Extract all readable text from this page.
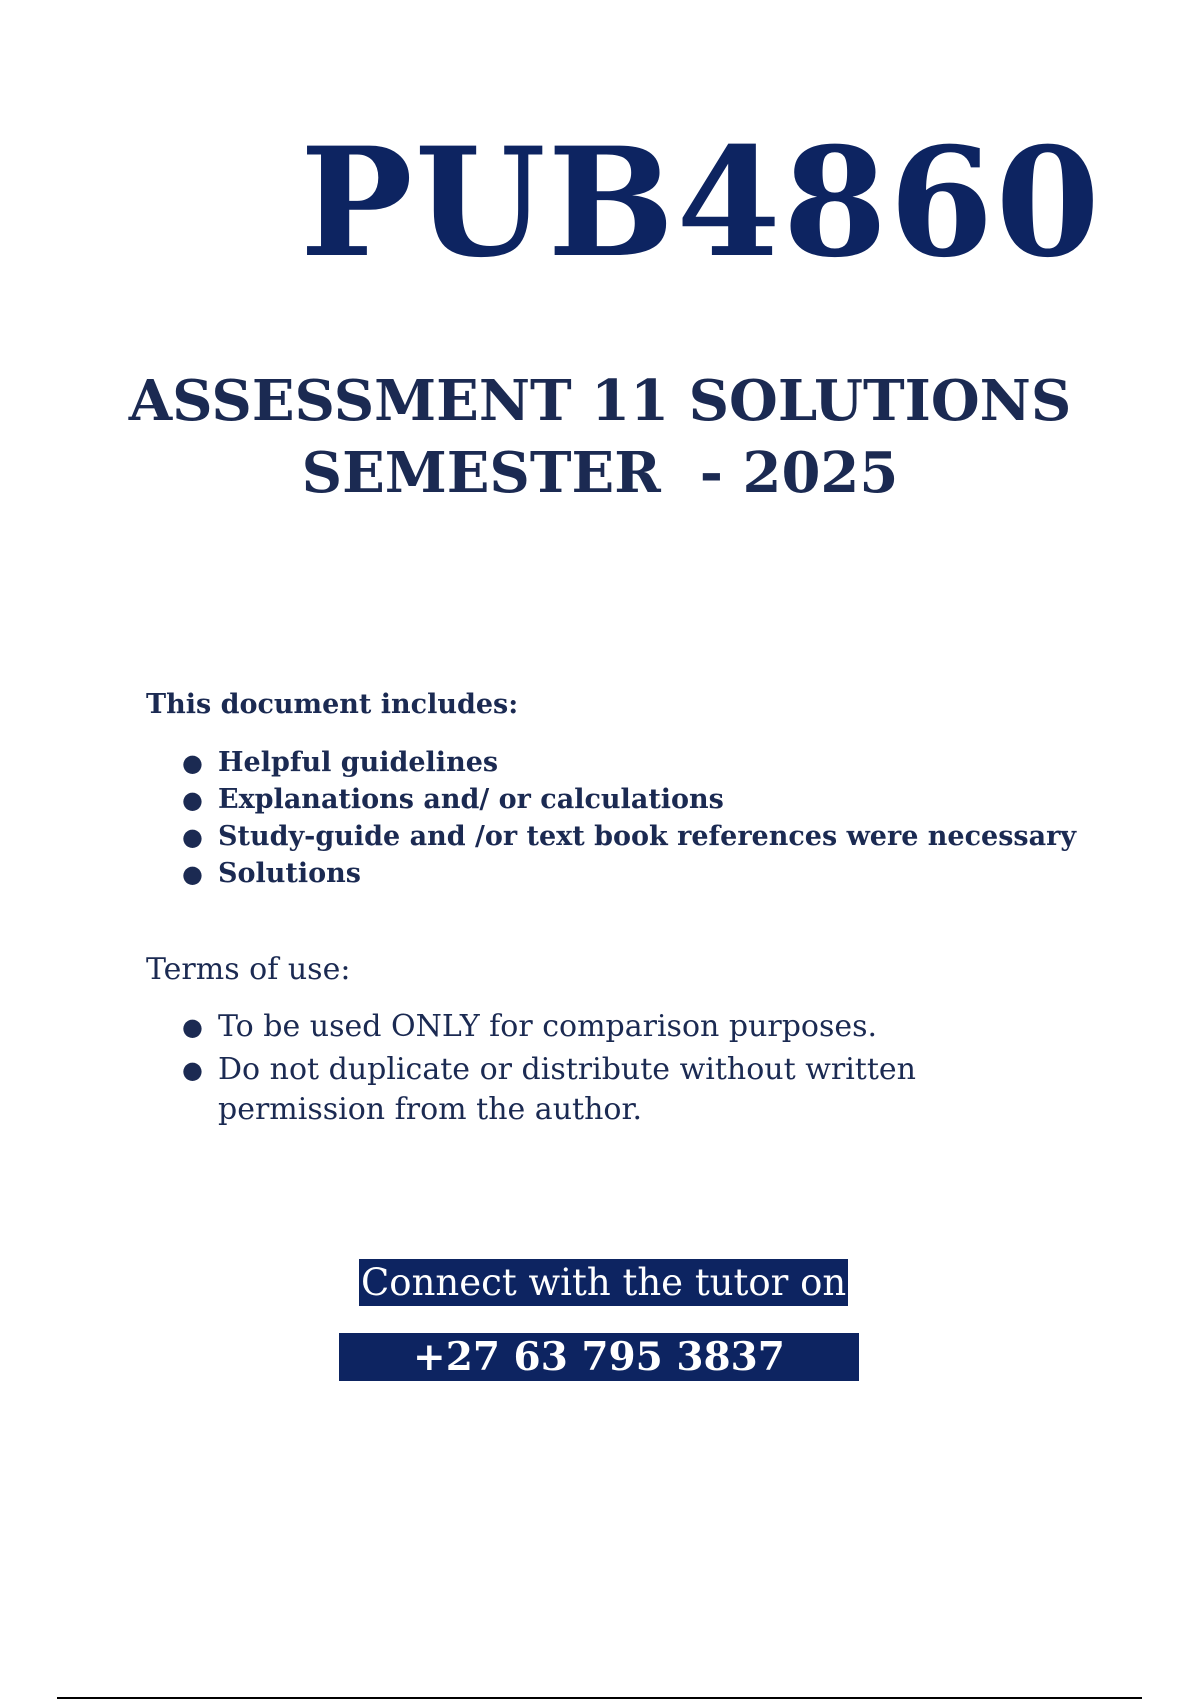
PUB4860
ASSESSMENT 11 SOLUTIONS
SEMESTER  - 2025

This document includes:

● Helpful guidelines
● Explanations and/ or calculations
● Study-guide and /or text book references were necessary
● Solutions

Terms of use:

● To be used ONLY for comparison purposes.
● Do not duplicate or distribute without written permission from the author.
Connect with the tutor on
+27 63 795 3837
